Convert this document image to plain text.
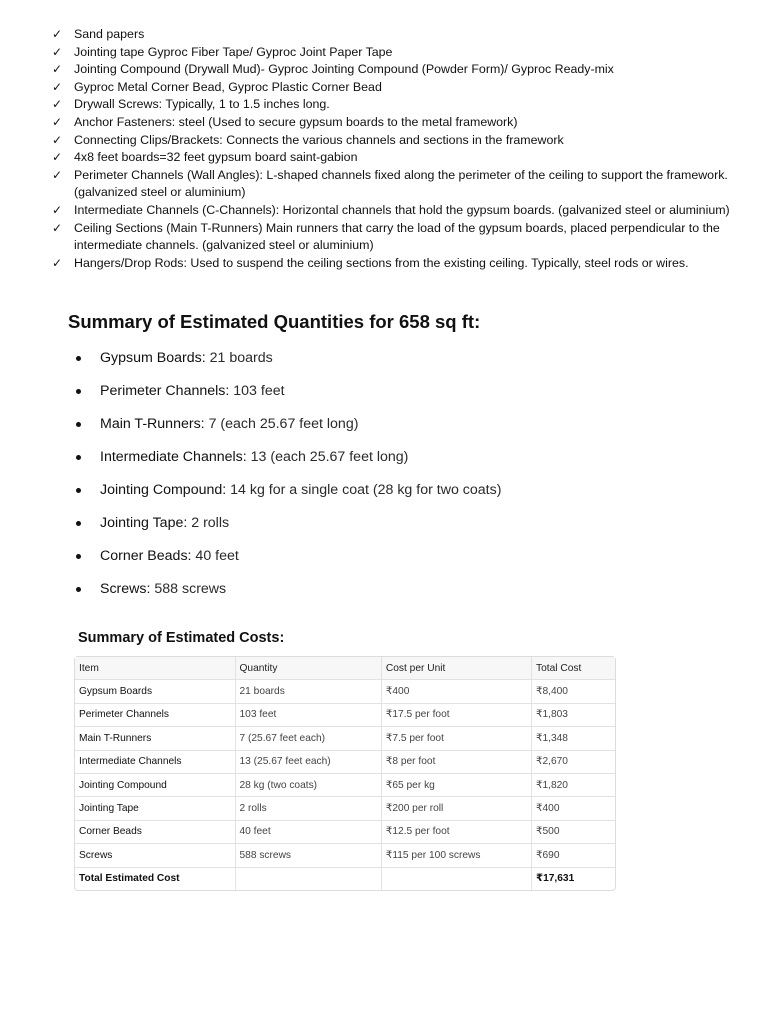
✓ Sand papers
✓ Jointing tape Gyproc Fiber Tape/ Gyproc Joint Paper Tape
✓ Jointing Compound (Drywall Mud)- Gyproc Jointing Compound (Powder Form)/ Gyproc Ready-mix
✓ Gyproc Metal Corner Bead, Gyproc Plastic Corner Bead
✓ Drywall Screws: Typically, 1 to 1.5 inches long.
✓ Anchor Fasteners: steel (Used to secure gypsum boards to the metal framework)
✓ Connecting Clips/Brackets: Connects the various channels and sections in the framework
✓ 4x8 feet boards=32 feet gypsum board saint-gabion
✓ Perimeter Channels (Wall Angles): L-shaped channels fixed along the perimeter of the ceiling to support the framework. (galvanized steel or aluminium)
✓ Intermediate Channels (C-Channels): Horizontal channels that hold the gypsum boards. (galvanized steel or aluminium)
✓ Ceiling Sections (Main T-Runners) Main runners that carry the load of the gypsum boards, placed perpendicular to the intermediate channels. (galvanized steel or aluminium)
✓ Hangers/Drop Rods: Used to suspend the ceiling sections from the existing ceiling. Typically, steel rods or wires.
Summary of Estimated Quantities for 658 sq ft:
Gypsum Boards: 21 boards
Perimeter Channels: 103 feet
Main T-Runners: 7 (each 25.67 feet long)
Intermediate Channels: 13 (each 25.67 feet long)
Jointing Compound: 14 kg for a single coat (28 kg for two coats)
Jointing Tape: 2 rolls
Corner Beads: 40 feet
Screws: 588 screws
Summary of Estimated Costs:
Item	Quantity	Cost per Unit	Total Cost
Gypsum Boards	21 boards	₹400	₹8,400
Perimeter Channels	103 feet	₹17.5 per foot	₹1,803
Main T-Runners	7 (25.67 feet each)	₹7.5 per foot	₹1,348
Intermediate Channels	13 (25.67 feet each)	₹8 per foot	₹2,670
Jointing Compound	28 kg (two coats)	₹65 per kg	₹1,820
Jointing Tape	2 rolls	₹200 per roll	₹400
Corner Beads	40 feet	₹12.5 per foot	₹500
Screws	588 screws	₹115 per 100 screws	₹690
Total Estimated Cost			₹17,631
